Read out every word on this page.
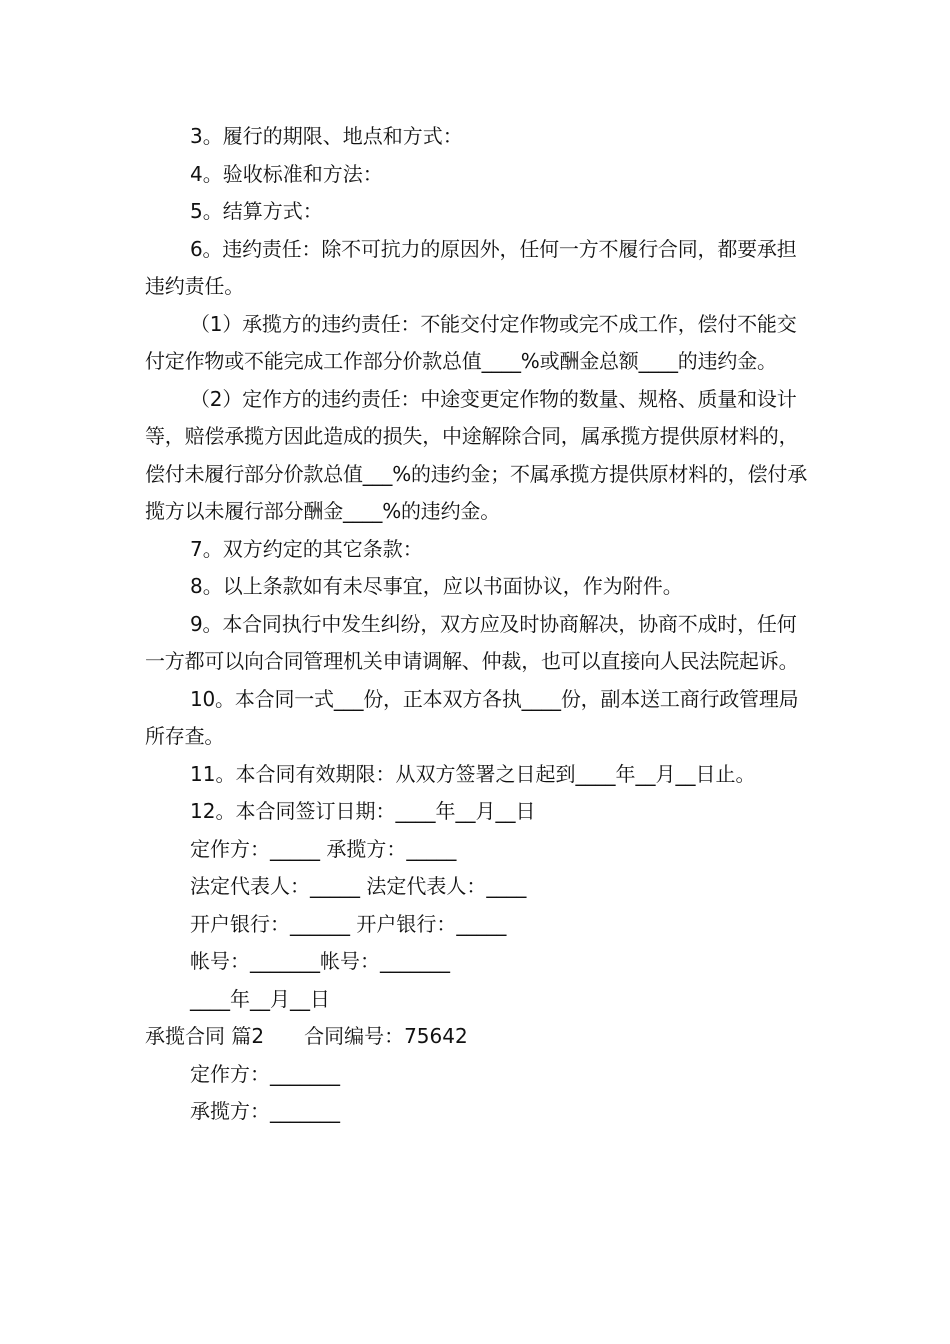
3。履行的期限、地点和方式：

4。验收标准和方法：

5。结算方式：

6。违约责任：除不可抗力的原因外，任何一方不履行合同，都要承担违约责任。

（1）承揽方的违约责任：不能交付定作物或完不成工作，偿付不能交付定作物或不能完成工作部分价款总值____%或酬金总额____的违约金。

（2）定作方的违约责任：中途变更定作物的数量、规格、质量和设计等，赔偿承揽方因此造成的损失，中途解除合同，属承揽方提供原材料的，偿付未履行部分价款总值___%的违约金；不属承揽方提供原材料的，偿付承揽方以未履行部分酬金____%的违约金。

7。双方约定的其它条款：

8。以上条款如有未尽事宜，应以书面协议，作为附件。

9。本合同执行中发生纠纷，双方应及时协商解决，协商不成时，任何一方都可以向合同管理机关申请调解、仲裁，也可以直接向人民法院起诉。

10。本合同一式___份，正本双方各执____份，副本送工商行政管理局所存查。

11。本合同有效期限：从双方签署之日起到____年__月__日止。

12。本合同签订日期：____年__月__日

定作方：_____ 承揽方：_____

法定代表人：_____ 法定代表人：____

开户银行：______ 开户银行：_____

帐号：_______帐号：_______

____年__月__日

承揽合同 篇2　　合同编号：75642

定作方：_______

承揽方：_______
